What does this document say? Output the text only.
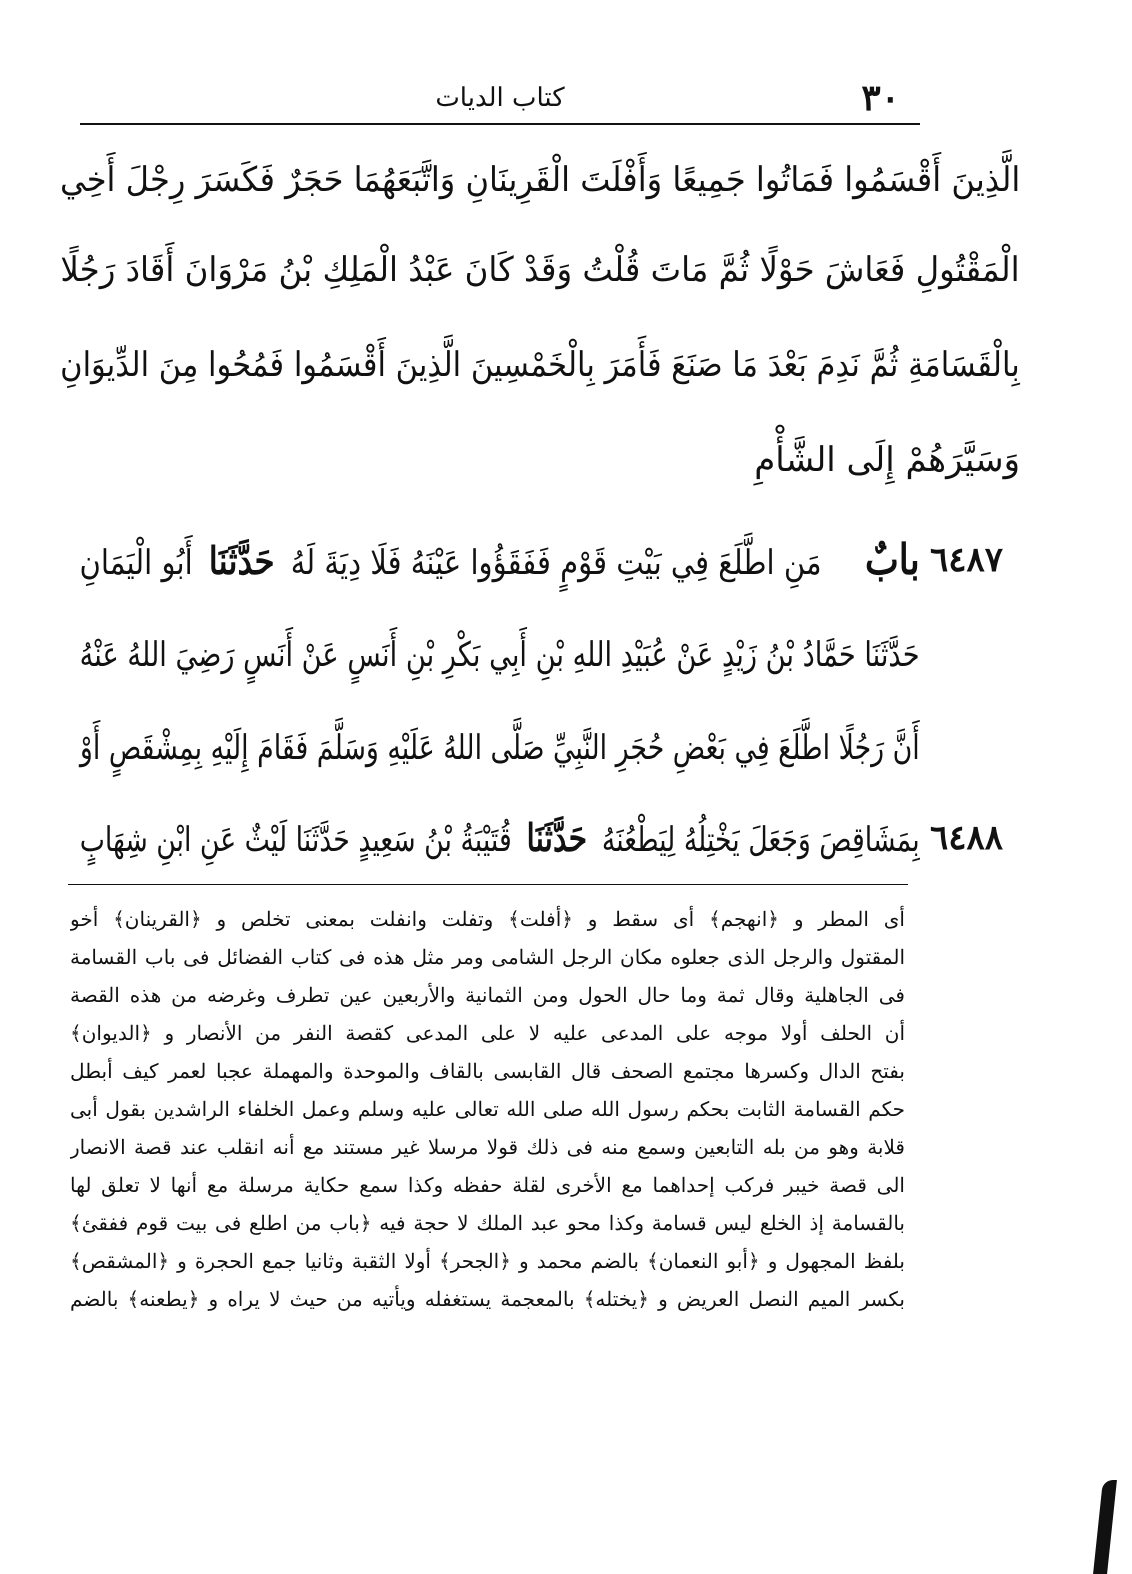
٣٠
كتاب الديات
الَّذِينَ أَقْسَمُوا فَمَاتُوا جَمِيعًا وَأَفْلَتَ الْقَرِينَانِ وَاتَّبَعَهُمَا حَجَرٌ فَكَسَرَ رِجْلَ أَخِي
الْمَقْتُولِ فَعَاشَ حَوْلًا ثُمَّ مَاتَ قُلْتُ وَقَدْ كَانَ عَبْدُ الْمَلِكِ بْنُ مَرْوَانَ أَقَادَ رَجُلًا
بِالْقَسَامَةِ ثُمَّ نَدِمَ بَعْدَ مَا صَنَعَ فَأَمَرَ بِالْخَمْسِينَ الَّذِينَ أَقْسَمُوا فَمُحُوا مِنَ الدِّيوَانِ
وَسَيَّرَهُمْ إِلَى الشَّأْمِ
٦٤٨٧
بابٌ مَنِ اطَّلَعَ فِي بَيْتِ قَوْمٍ فَفَقَؤُوا عَيْنَهُ فَلَا دِيَةَ لَهُ حَدَّثَنَا أَبُو الْيَمَانِ
حَدَّثَنَا حَمَّادُ بْنُ زَيْدٍ عَنْ عُبَيْدِ اللهِ بْنِ أَبِي بَكْرِ بْنِ أَنَسٍ عَنْ أَنَسٍ رَضِيَ اللهُ عَنْهُ
أَنَّ رَجُلًا اطَّلَعَ فِي بَعْضِ حُجَرِ النَّبِيِّ صَلَّى اللهُ عَلَيْهِ وَسَلَّمَ فَقَامَ إِلَيْهِ بِمِشْقَصٍ أَوْ
٦٤٨٨
بِمَشَاقِصَ وَجَعَلَ يَخْتِلُهُ لِيَطْعُنَهُ حَدَّثَنَا قُتَيْبَةُ بْنُ سَعِيدٍ حَدَّثَنَا لَيْثٌ عَنِ ابْنِ شِهَابٍ
أى المطر و ﴿انهجم﴾ أى سقط و ﴿أفلت﴾ وتفلت وانفلت بمعنى تخلص و ﴿القرينان﴾ أخو
المقتول والرجل الذى جعلوه مكان الرجل الشامى ومر مثل هذه فى كتاب الفضائل فى باب القسامة
فى الجاهلية وقال ثمة وما حال الحول ومن الثمانية والأربعين عين تطرف وغرضه من هذه القصة
أن الحلف أولا موجه على المدعى عليه لا على المدعى كقصة النفر من الأنصار و ﴿الديوان﴾
بفتح الدال وكسرها مجتمع الصحف قال القابسى بالقاف والموحدة والمهملة عجبا لعمر كيف أبطل
حكم القسامة الثابت بحكم رسول الله صلى الله تعالى عليه وسلم وعمل الخلفاء الراشدين بقول أبى
قلابة وهو من بله التابعين وسمع منه فى ذلك قولا مرسلا غير مستند مع أنه انقلب عند قصة الانصار
الى قصة خيبر فركب إحداهما مع الأخرى لقلة حفظه وكذا سمع حكاية مرسلة مع أنها لا تعلق لها
بالقسامة إذ الخلع ليس قسامة وكذا محو عبد الملك لا حجة فيه ﴿باب من اطلع فى بيت قوم ففقئ﴾
بلفظ المجهول و ﴿أبو النعمان﴾ بالضم محمد و ﴿الجحر﴾ أولا الثقبة وثانيا جمع الحجرة و ﴿المشقص﴾
بكسر الميم النصل العريض و ﴿يختله﴾ بالمعجمة يستغفله ويأتيه من حيث لا يراه و ﴿يطعنه﴾ بالضم
